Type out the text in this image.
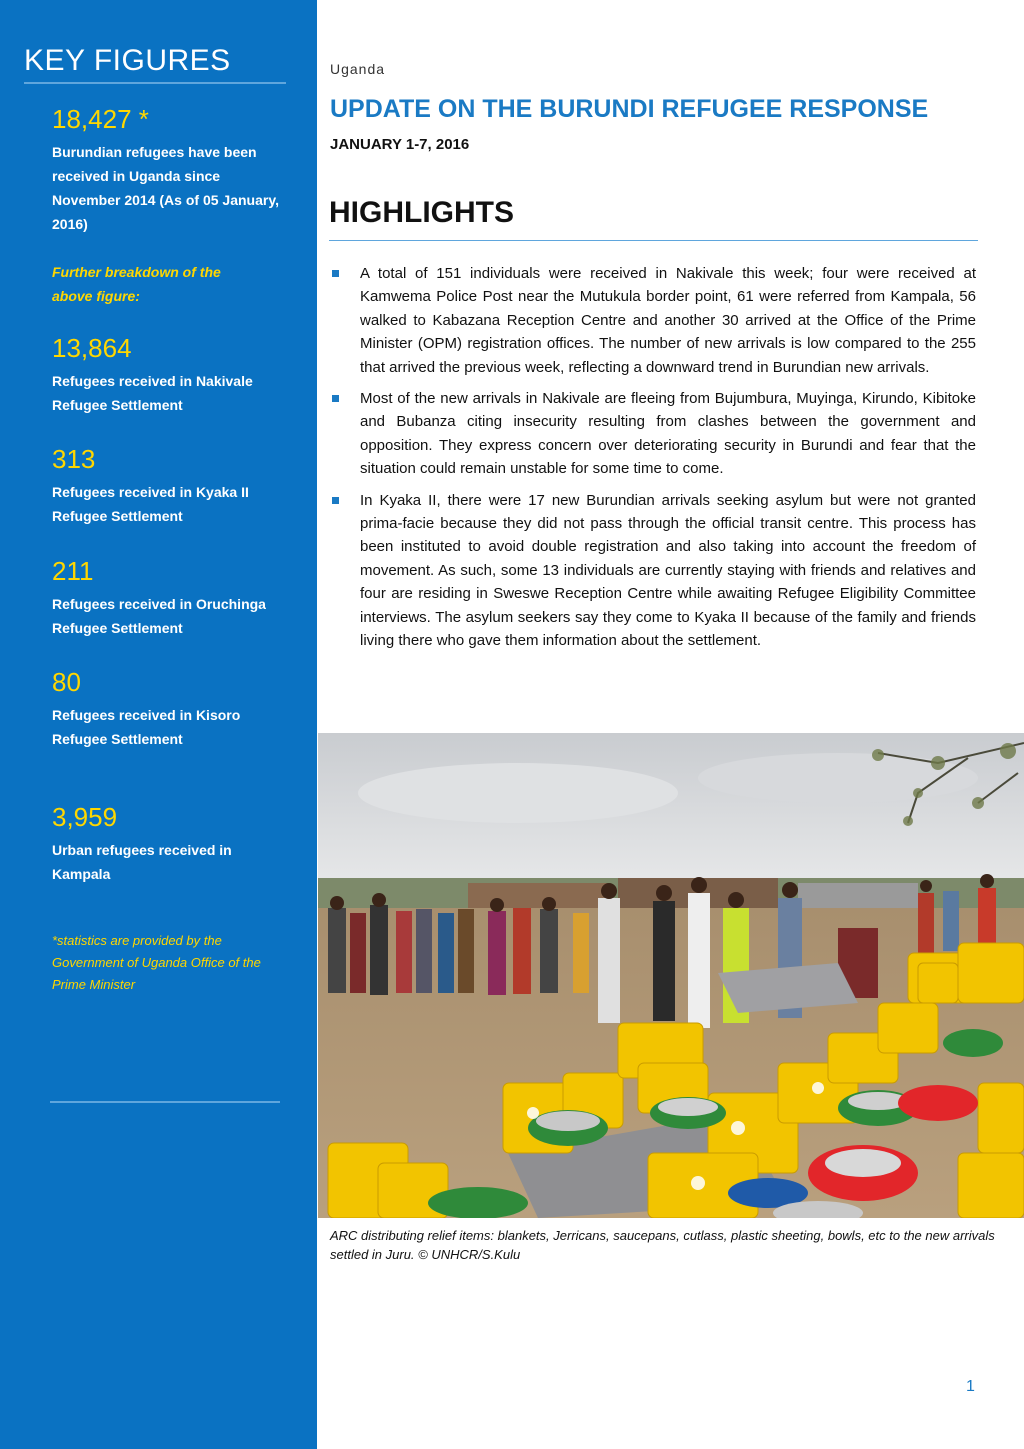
KEY FIGURES
18,427 *
Burundian refugees have been received in Uganda since November 2014 (As of 05 January, 2016)
Further breakdown of the above figure:
13,864
Refugees received in Nakivale Refugee Settlement
313
Refugees received in Kyaka II Refugee Settlement
211
Refugees received in Oruchinga Refugee Settlement
80
Refugees received in Kisoro Refugee Settlement
3,959
Urban refugees received in Kampala
*statistics are provided by the Government of Uganda Office of the Prime Minister
Uganda
UPDATE ON THE BURUNDI REFUGEE RESPONSE
JANUARY 1-7, 2016
HIGHLIGHTS
A total of 151 individuals were received in Nakivale this week; four were received at Kamwema Police Post near the Mutukula border point, 61 were referred from Kampala, 56 walked to Kabazana Reception Centre and another 30 arrived at the Office of the Prime Minister (OPM) registration offices. The number of new arrivals is low compared to the 255 that arrived the previous week, reflecting a downward trend in Burundian new arrivals.
Most of the new arrivals in Nakivale are fleeing from Bujumbura, Muyinga, Kirundo, Kibitoke and Bubanza citing insecurity resulting from clashes between the government and opposition. They express concern over deteriorating security in Burundi and fear that the situation could remain unstable for some time to come.
In Kyaka II, there were 17 new Burundian arrivals seeking asylum but were not granted prima-facie because they did not pass through the official transit centre. This process has been instituted to avoid double registration and also taking into account the freedom of movement. As such, some 13 individuals are currently staying with friends and relatives and four are residing in Sweswe Reception Centre while awaiting Refugee Eligibility Committee interviews. The asylum seekers say they come to Kyaka II because of the family and friends living there who gave them information about the settlement.
ARC distributing relief items: blankets, Jerricans, saucepans, cutlass, plastic sheeting, bowls, etc to the new arrivals settled in Juru. © UNHCR/S.Kulu
1
